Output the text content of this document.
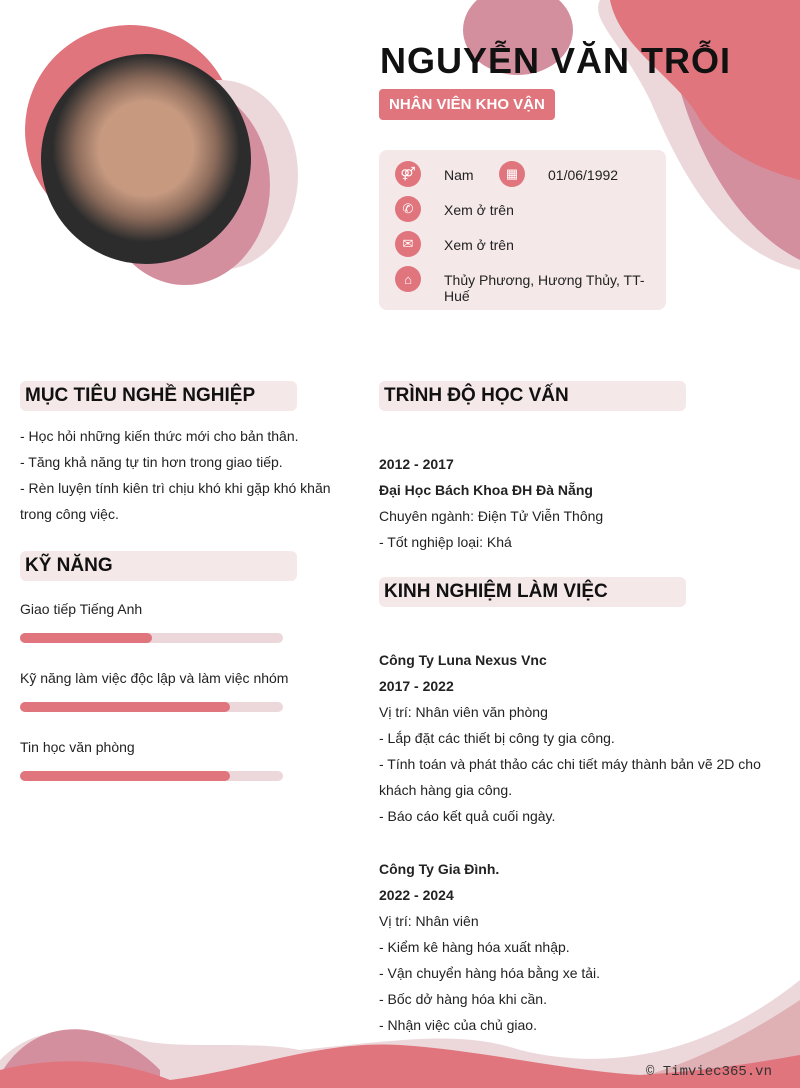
NGUYỄN VĂN TRỖI
NHÂN VIÊN KHO VẬN
⚤	Nam	▦	01/06/1992
✆	Xem ở trên
✉	Xem ở trên
⌂	Thủy Phương, Hương Thủy, TT-Huế
MỤC TIÊU NGHỀ NGHIỆP
- Học hỏi những kiến thức mới cho bản thân.
- Tăng khả năng tự tin hơn trong giao tiếp.
- Rèn luyện tính kiên trì chịu khó khi gặp khó khăn
trong công việc.
KỸ NĂNG
Giao tiếp Tiếng Anh
Kỹ năng làm việc độc lập và làm việc nhóm
Tin học văn phòng
TRÌNH ĐỘ HỌC VẤN
2012 - 2017
Đại Học Bách Khoa ĐH Đà Nẵng
Chuyên ngành: Điện Tử Viễn Thông
- Tốt nghiệp loại: Khá
KINH NGHIỆM LÀM VIỆC
Công Ty Luna Nexus Vnc
2017 - 2022
Vị trí: Nhân viên văn phòng
- Lắp đặt các thiết bị công ty gia công.
- Tính toán và phát thảo các chi tiết máy thành bản vẽ 2D cho
khách hàng gia công.
- Báo cáo kết quả cuối ngày.
Công Ty Gia Đình.
2022 - 2024
Vị trí: Nhân viên
- Kiểm kê hàng hóa xuất nhập.
- Vận chuyển hàng hóa bằng xe tải.
- Bốc dở hàng hóa khi cần.
- Nhận việc của chủ giao.
© Timviec365.vn
